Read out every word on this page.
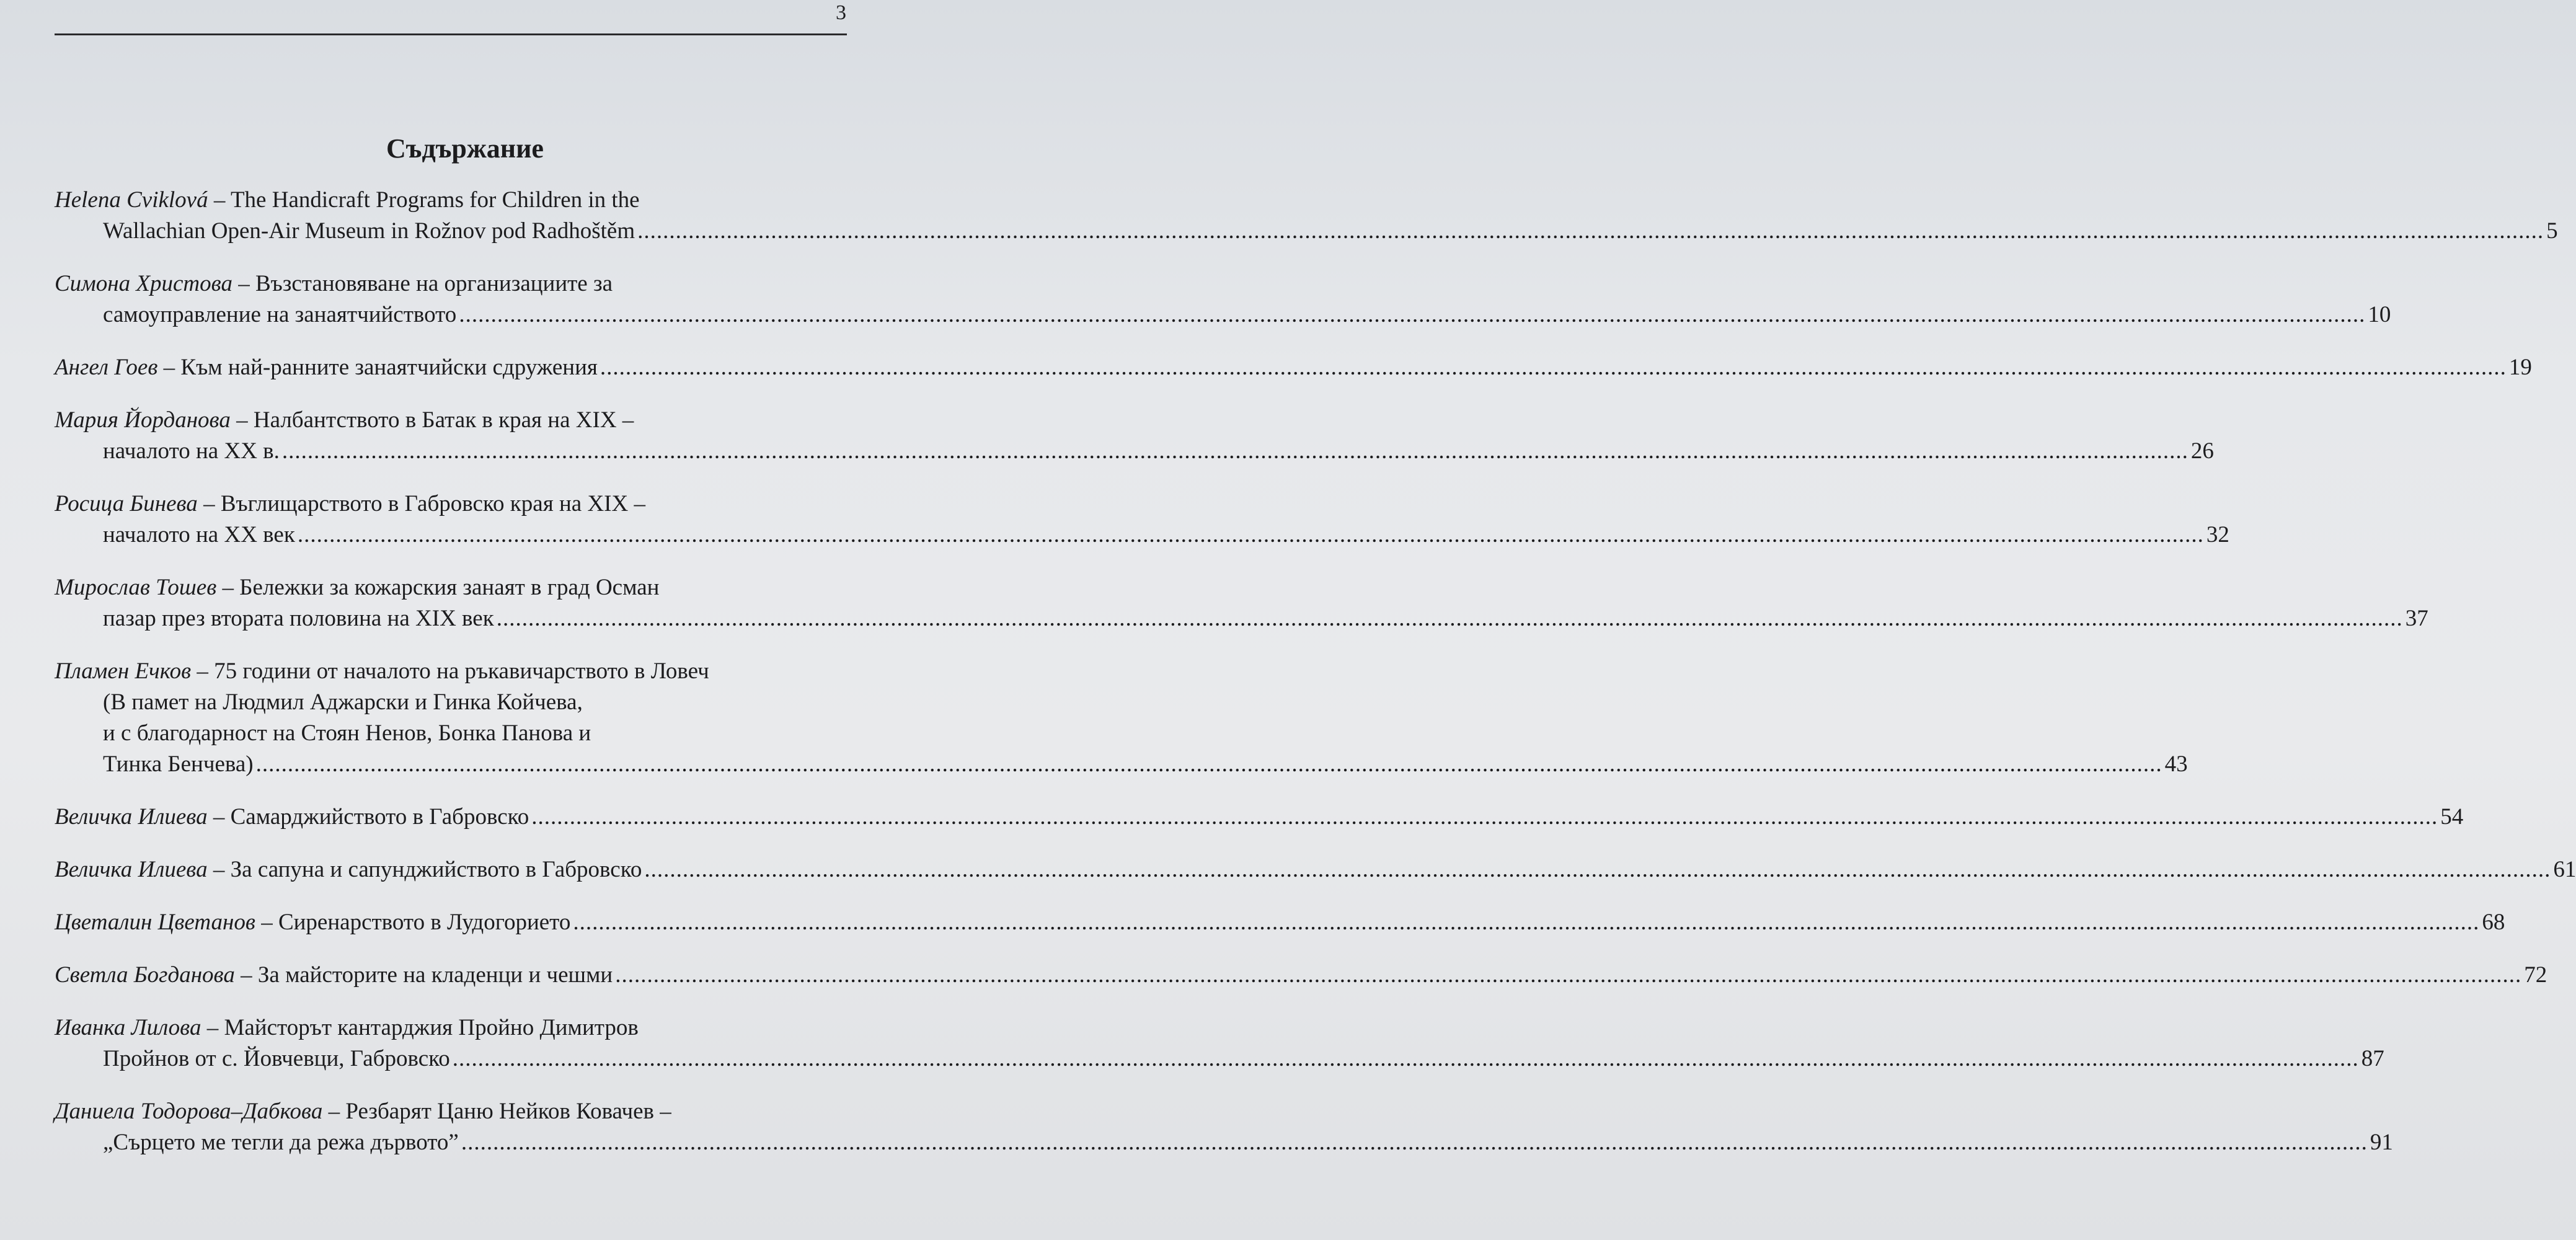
3
Съдържание
Helena Cviklová – The Handicraft Programs for Children in the
Wallachian Open-Air Museum in Rožnov pod Radhoštěm ............................................................................................................................................................................................................................................................................................................ 5
Симона Христова – Възстановяване на организациите за
самоуправление на занаятчийството ............................................................................................................................................................................................................................................................................................................ 10
Ангел Гоев – Към най-ранните занаятчийски сдружения ............................................................................................................................................................................................................................................................................................................ 19
Мария Йорданова – Налбантството в Батак в края на XIX –
началото на XX в. ............................................................................................................................................................................................................................................................................................................ 26
Росица Бинева – Въглищарството в Габровско края на XIX –
началото на XX век ............................................................................................................................................................................................................................................................................................................ 32
Мирослав Тошев – Бележки за кожарския занаят в град Осман
пазар през втората половина на XIX век ............................................................................................................................................................................................................................................................................................................ 37
Пламен Ечков – 75 години от началото на ръкавичарството в Ловеч
(В памет на Людмил Аджарски и Гинка Койчева,
и с благодарност на Стоян Ненов, Бонка Панова и
Тинка Бенчева) ............................................................................................................................................................................................................................................................................................................ 43
Величка Илиева – Самарджийството в Габровско ............................................................................................................................................................................................................................................................................................................ 54
Величка Илиева – За сапуна и сапунджийството в Габровско ............................................................................................................................................................................................................................................................................................................ 61
Цветалин Цветанов – Сиренарството в Лудогорието ............................................................................................................................................................................................................................................................................................................ 68
Светла Богданова – За майсторите на кладенци и чешми ............................................................................................................................................................................................................................................................................................................ 72
Иванка Лилова – Майсторът кантарджия Пройно Димитров
Пройнов от с. Йовчевци, Габровско ............................................................................................................................................................................................................................................................................................................ 87
Даниела Тодорова–Дабкова – Резбарят Цаню Нейков Ковачев –
„Сърцето ме тегли да режа дървото” ............................................................................................................................................................................................................................................................................................................ 91
